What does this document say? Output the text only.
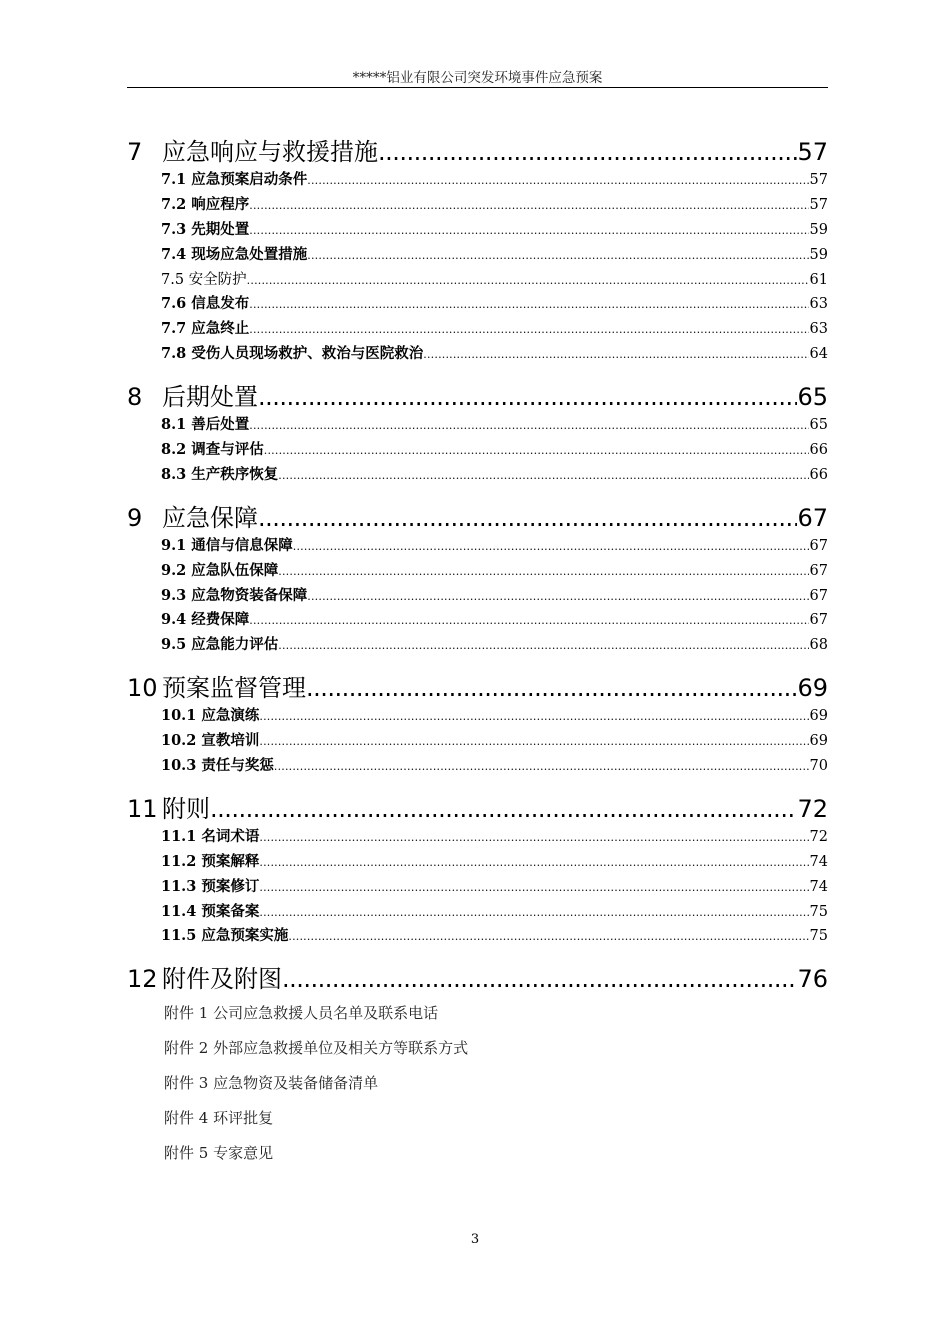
*****铝业有限公司突发环境事件应急预案
7 应急响应与救援措施 .....	57
7.1 应急预案启动条件 .....	57
7.2 响应程序 .....	57
7.3 先期处置 .....	59
7.4 现场应急处置措施 .....	59
7.5 安全防护 .....	61
7.6 信息发布 .....	63
7.7 应急终止 .....	63
7.8 受伤人员现场救护、救治与医院救治 .....	64
8 后期处置 .....	65
8.1 善后处置 .....	65
8.2 调查与评估 .....	66
8.3 生产秩序恢复 .....	66
9 应急保障 .....	67
9.1 通信与信息保障 .....	67
9.2 应急队伍保障 .....	67
9.3 应急物资装备保障 .....	67
9.4 经费保障 .....	67
9.5 应急能力评估 .....	68
10 预案监督管理 .....	69
10.1 应急演练 .....	69
10.2 宣教培训 .....	69
10.3 责任与奖惩 .....	70
11 附则 .....	72
11.1 名词术语 .....	72
11.2 预案解释 .....	74
11.3 预案修订 .....	74
11.4 预案备案 .....	75
11.5 应急预案实施 .....	75
12 附件及附图 .....	76
附件 1 公司应急救援人员名单及联系电话
附件 2 外部应急救援单位及相关方等联系方式
附件 3 应急物资及装备储备清单
附件 4 环评批复
附件 5 专家意见
3
